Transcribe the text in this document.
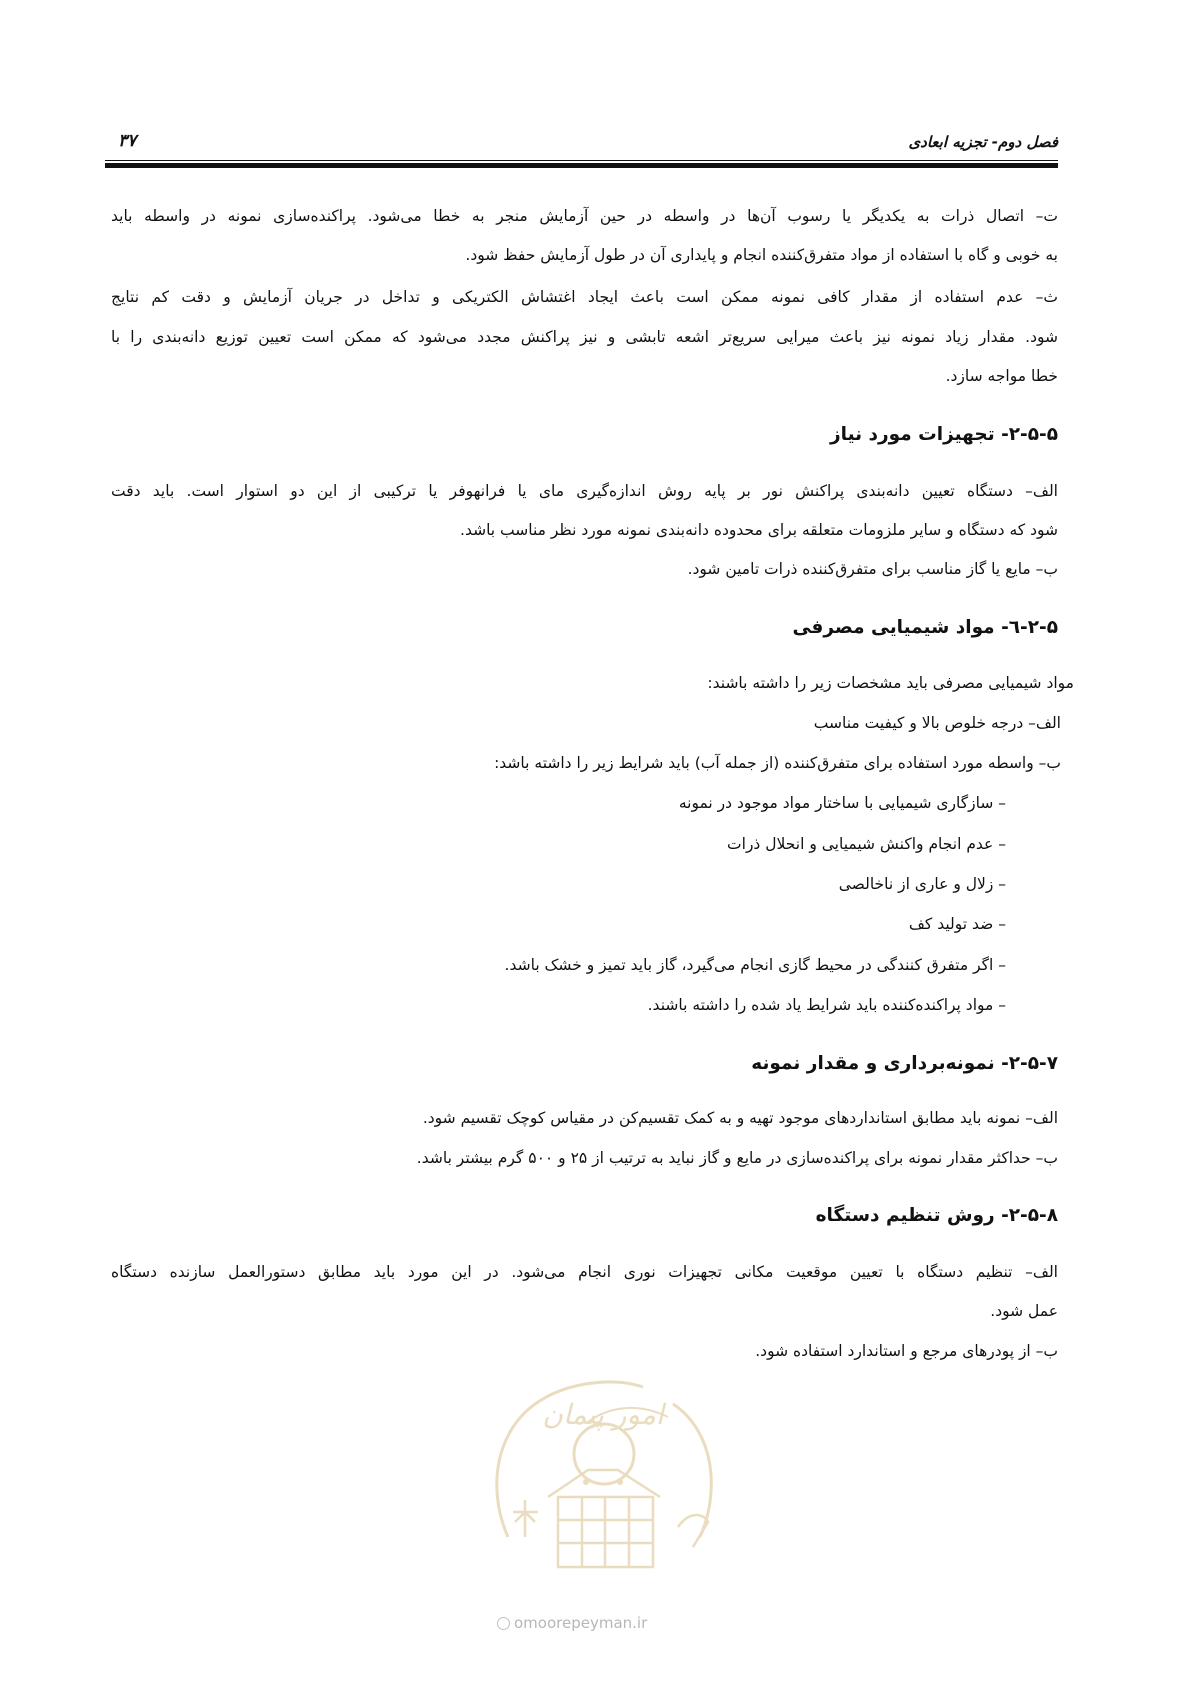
فصل دوم- تجزیه ابعادی
۳۷
ت– اتصال ذرات به یکدیگر یا رسوب آن‌ها در واسطه در حین آزمایش منجر به خطا می‌شود. پراکنده‌سازی نمونه در واسطه باید
به خوبی و گاه با استفاده از مواد متفرق‌کننده انجام و پایداری آن در طول آزمایش حفظ شود.
ث– عدم استفاده از مقدار کافی نمونه ممکن است باعث ایجاد اغتشاش الکتریکی و تداخل در جریان آزمایش و دقت کم نتایج
شود. مقدار زیاد نمونه نیز باعث میرایی سریع‌تر اشعه تابشی و نیز پراکنش مجدد می‌شود که ممکن است تعیین توزیع دانه‌بندی را با
خطا مواجه سازد.
۲-۵-۵- تجهیزات مورد نیاز
الف– دستگاه تعیین دانه‌بندی پراکنش نور بر پایه روش اندازه‌گیری مای یا فرانهوفر یا ترکیبی از این دو استوار است. باید دقت
شود که دستگاه و سایر ملزومات متعلقه برای محدوده دانه‌بندی نمونه مورد نظر مناسب باشد.
ب– مایع یا گاز مناسب برای متفرق‌کننده ذرات تامین شود.
۲-۵-٦- مواد شیمیایی مصرفی
مواد شیمیایی مصرفی باید مشخصات زیر را داشته باشند:
الف– درجه خلوص بالا و کیفیت مناسب
ب– واسطه مورد استفاده برای متفرق‌کننده (از جمله آب) باید شرایط زیر را داشته باشد:
– سازگاری شیمیایی با ساختار مواد موجود در نمونه
– عدم انجام واکنش شیمیایی و انحلال ذرات
– زلال و عاری از ناخالصی
– ضد تولید کف
– اگر متفرق کنندگی در محیط گازی انجام می‌گیرد، گاز باید تمیز و خشک باشد.
– مواد پراکنده‌کننده باید شرایط یاد شده را داشته باشند.
۲-۵-۷- نمونه‌برداری و مقدار نمونه
الف– نمونه باید مطابق استانداردهای موجود تهیه و به کمک تقسیم‌کن در مقیاس کوچک تقسیم شود.
ب– حداکثر مقدار نمونه برای پراکنده‌سازی در مایع و گاز نباید به ترتیب از ۲۵ و ۵۰۰ گرم بیشتر باشد.
۲-۵-۸- روش تنظیم دستگاه
الف– تنظیم دستگاه با تعیین موقعیت مکانی تجهیزات نوری انجام می‌شود. در این مورد باید مطابق دستورالعمل سازنده دستگاه
عمل شود.
ب– از پودرهای مرجع و استاندارد استفاده شود.
امور پیمان
omoorepeyman.ir
